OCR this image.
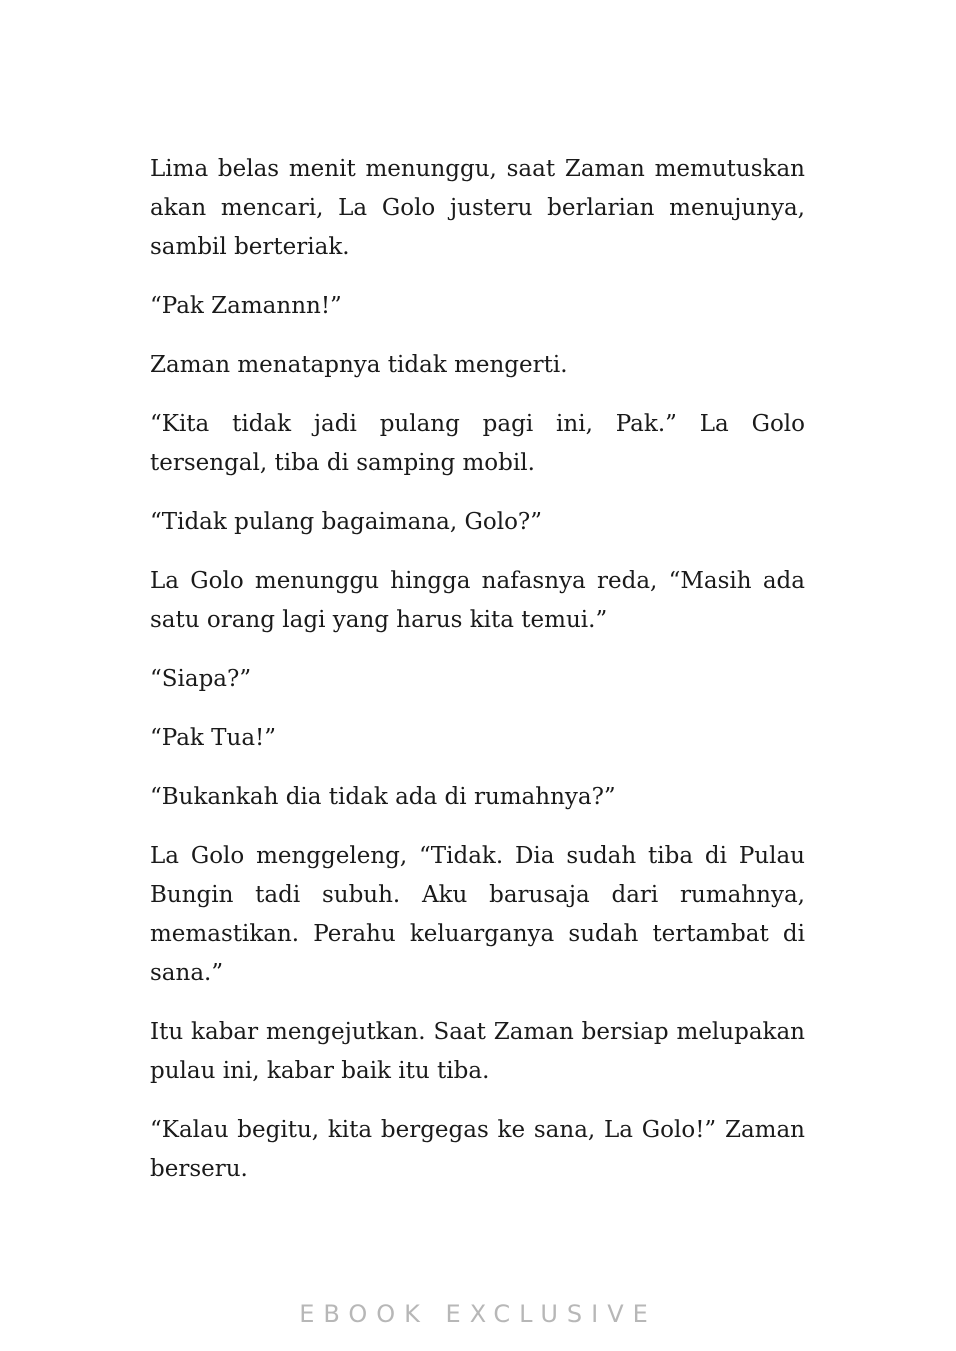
Lima belas menit menunggu, saat Zaman memutuskan akan mencari, La Golo justeru berlarian menujunya, sambil berteriak.

“Pak Zamannn!”

Zaman menatapnya tidak mengerti.

“Kita tidak jadi pulang pagi ini, Pak.” La Golo tersengal, tiba di samping mobil.

“Tidak pulang bagaimana, Golo?”

La Golo menunggu hingga nafasnya reda, “Masih ada satu orang lagi yang harus kita temui.”

“Siapa?”

“Pak Tua!”

“Bukankah dia tidak ada di rumahnya?”

La Golo menggeleng, “Tidak. Dia sudah tiba di Pulau Bungin tadi subuh. Aku barusaja dari rumahnya, memastikan. Perahu keluarganya sudah tertambat di sana.”

Itu kabar mengejutkan. Saat Zaman bersiap melupakan pulau ini, kabar baik itu tiba.

“Kalau begitu, kita bergegas ke sana, La Golo!” Zaman berseru.

EBOOK EXCLUSIVE
